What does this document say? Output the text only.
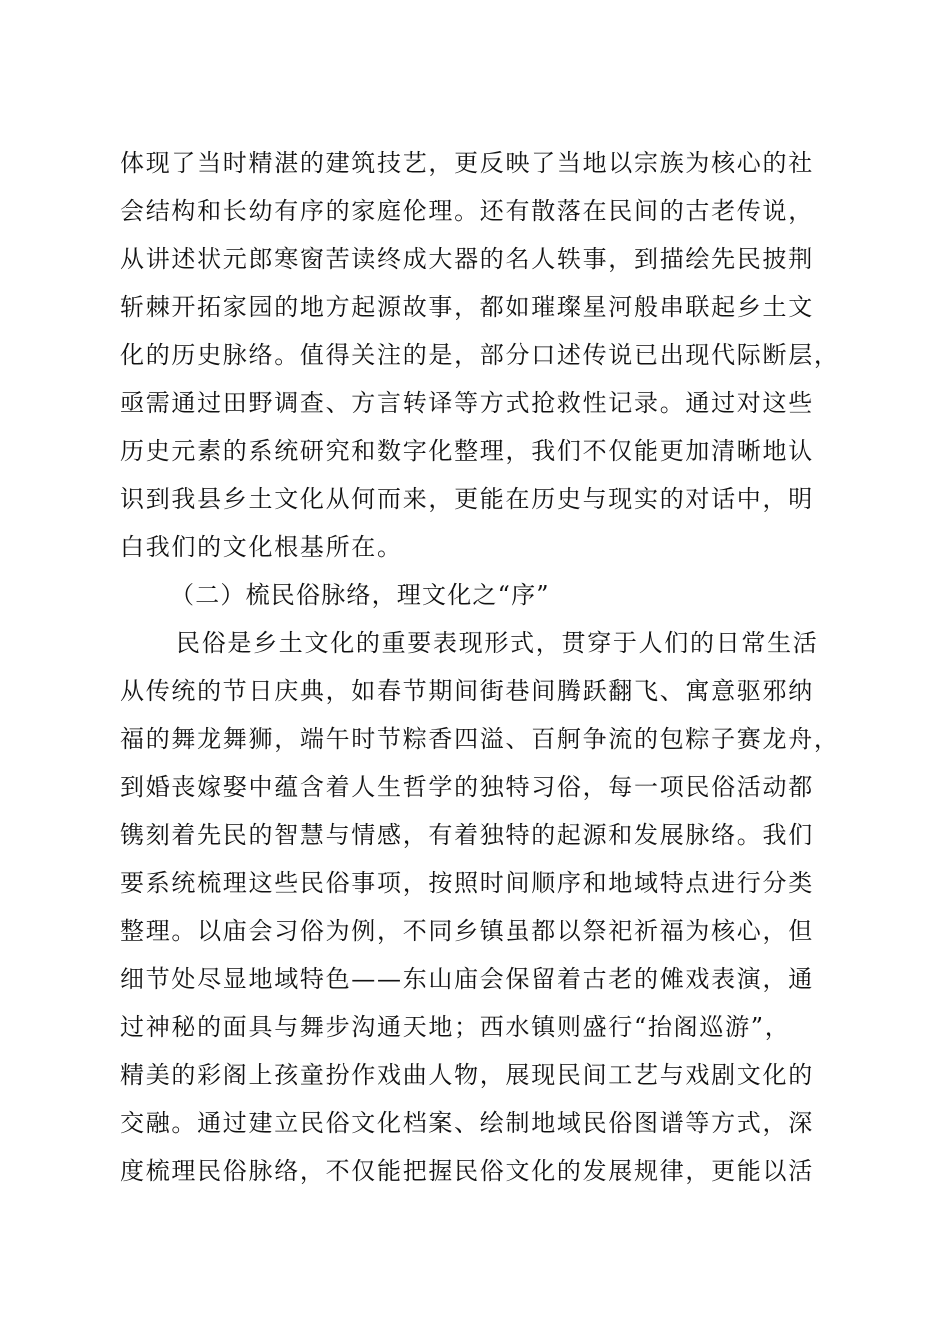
体现了当时精湛的建筑技艺，更反映了当地以宗族为核心的社
会结构和长幼有序的家庭伦理。还有散落在民间的古老传说，
从讲述状元郎寒窗苦读终成大器的名人轶事，到描绘先民披荆
斩棘开拓家园的地方起源故事，都如璀璨星河般串联起乡土文
化的历史脉络。值得关注的是，部分口述传说已出现代际断层，
亟需通过田野调查、方言转译等方式抢救性记录。通过对这些
历史元素的系统研究和数字化整理，我们不仅能更加清晰地认
识到我县乡土文化从何而来，更能在历史与现实的对话中，明
白我们的文化根基所在。
（二）梳民俗脉络，理文化之“序”
民俗是乡土文化的重要表现形式，贯穿于人们的日常生活
从传统的节日庆典，如春节期间街巷间腾跃翻飞、寓意驱邪纳
福的舞龙舞狮，端午时节粽香四溢、百舸争流的包粽子赛龙舟，
到婚丧嫁娶中蕴含着人生哲学的独特习俗，每一项民俗活动都
镌刻着先民的智慧与情感，有着独特的起源和发展脉络。我们
要系统梳理这些民俗事项，按照时间顺序和地域特点进行分类
整理。以庙会习俗为例，不同乡镇虽都以祭祀祈福为核心，但
细节处尽显地域特色——东山庙会保留着古老的傩戏表演，通
过神秘的面具与舞步沟通天地；西水镇则盛行“抬阁巡游”，
精美的彩阁上孩童扮作戏曲人物，展现民间工艺与戏剧文化的
交融。通过建立民俗文化档案、绘制地域民俗图谱等方式，深
度梳理民俗脉络，不仅能把握民俗文化的发展规律，更能以活
